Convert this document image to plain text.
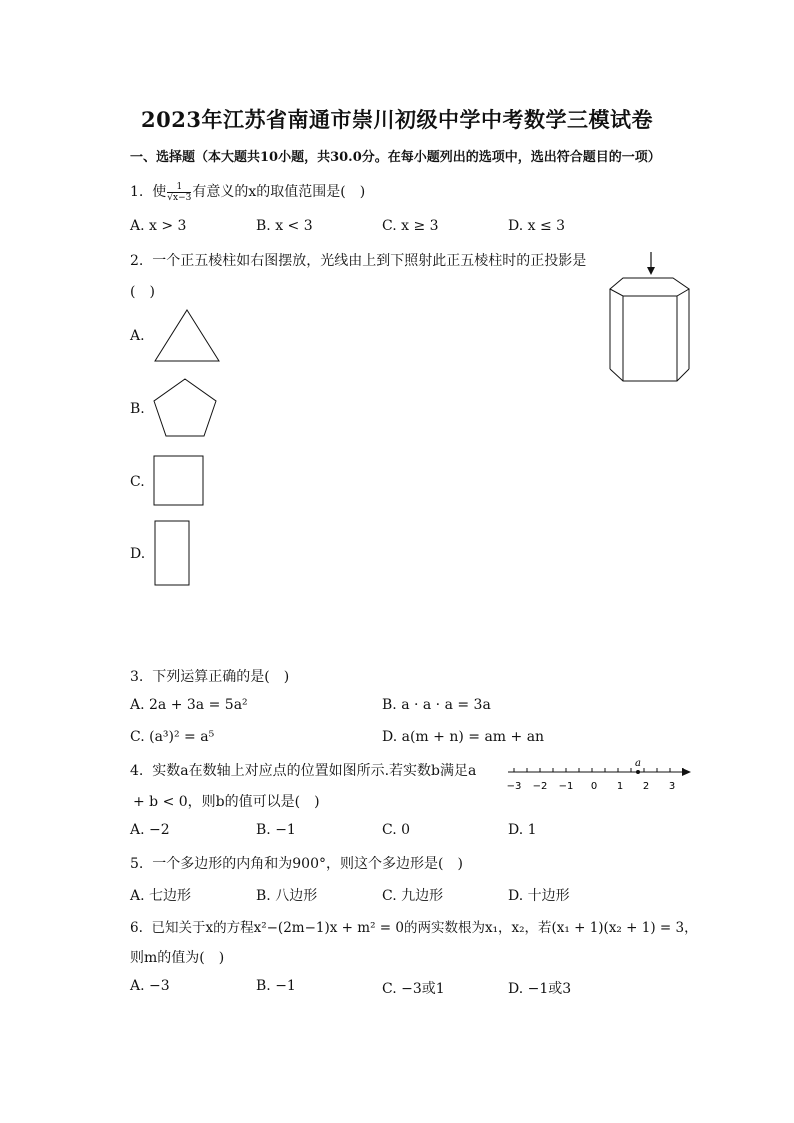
2023年江苏省南通市崇川初级中学中考数学三模试卷
一、选择题（本大题共10小题，共30.0分。在每小题列出的选项中，选出符合题目的一项）
1. 使 $\frac{1}{√x-3}$ 有意义的x的取值范围是(　)
A. x > 3	B. x < 3	C. x ≥ 3	D. x ≤ 3
2. 一个正五棱柱如右图摆放，光线由上到下照射此正五棱柱时的正投影是
(　)
A.
B.
C.
D.
3. 下列运算正确的是(　)
A. 2a + 3a = 5a²	B. a · a · a = 3a
C. (a³)² = a⁵	D. a(m + n) = am + an
4. 实数a在数轴上对应点的位置如图所示.若实数b满足a
+ b < 0，则b的值可以是(　)
a
−3 −2 −1 0 1 2 3
A. −2	B. −1	C. 0	D. 1
5. 一个多边形的内角和为900°，则这个多边形是(　)
A. 七边形	B. 八边形	C. 九边形	D. 十边形
6. 已知关于x的方程x²−(2m−1)x + m² = 0的两实数根为x₁，x₂，若(x₁ + 1)(x₂ + 1) = 3，
则m的值为(　)
A. −3	B. −1	C. −3或1	D. −1或3
